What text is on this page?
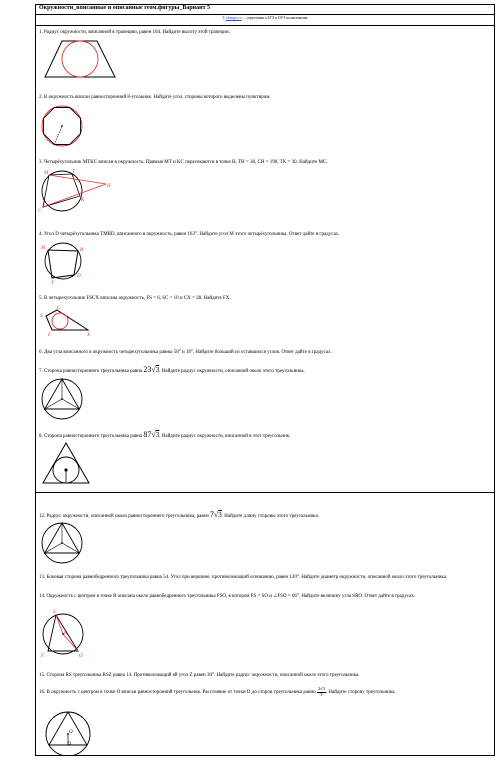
Окружности_вписанные и описанные геом.фигуры_Вариант 5
© sdamgia.ru — подготовка к ЕГЭ и ОГЭ по математике
1. Радиус окружности, вписанной в трапецию, равен 164. Найдите высоту этой трапеции.
2. В окружность вписан равносторонний 8-угольник. Найдите угол, стороны которого выделены пунктиром.
3. Четырёхугольник MTKC вписан в окружность. Прямые MT и KC пересекаются в точке H, TH = 38, CH = 190, TK = 30. Найдите MC.
M	T
H
K
C
4. Угол D четырёхугольника TMBD, вписанного в окружность, равен 163°. Найдите угол M этого четырёхугольника. Ответ дайте в градусах.
M	B
D
T
5. В четырехугольник FSCX вписана окружность, FS = 6, SC = 10 и CX = 28. Найдите FX.
S
C
F	X
6. Два угла вписанного в окружность четырехугольника равны 58° и 18°. Найдите больший из оставшихся углов. Ответ дайте в градусах.
7. Сторона равностороннего треугольника равна 23√3. Найдите радиус окружности, описанной около этого треугольника.
8. Сторона равностороннего треугольника равна 87√3. Найдите радиус окружности, вписанной в этот треугольник.
12. Радиус окружности, описанной около равностороннего треугольника, равен 7√3. Найдите длину стороны этого треугольника.
13. Боковая сторона равнобедренного треугольника равна 54. Угол при вершине, противолежащий основанию, равен 120°. Найдите диаметр окружности, описанной около этого треугольника.
14. Окружность с центром в точке R описана около равнобедренного треугольника FSO, в котором FS = SO и ∠FSO = 66°. Найдите величину угла SRO. Ответ дайте в градусах.
S
R
F	O
15. Сторона RS треугольника RSZ равна 14. Противолежащий ей угол Z равен 30°. Найдите радиус окружности, описанной около этого треугольника.
16. В окружность с центром в точке O вписан равносторонний треугольник. Расстояние от точки O до сторон треугольника равно $\frac{2√3}{3}$ . Найдите сторону треугольника.
O
